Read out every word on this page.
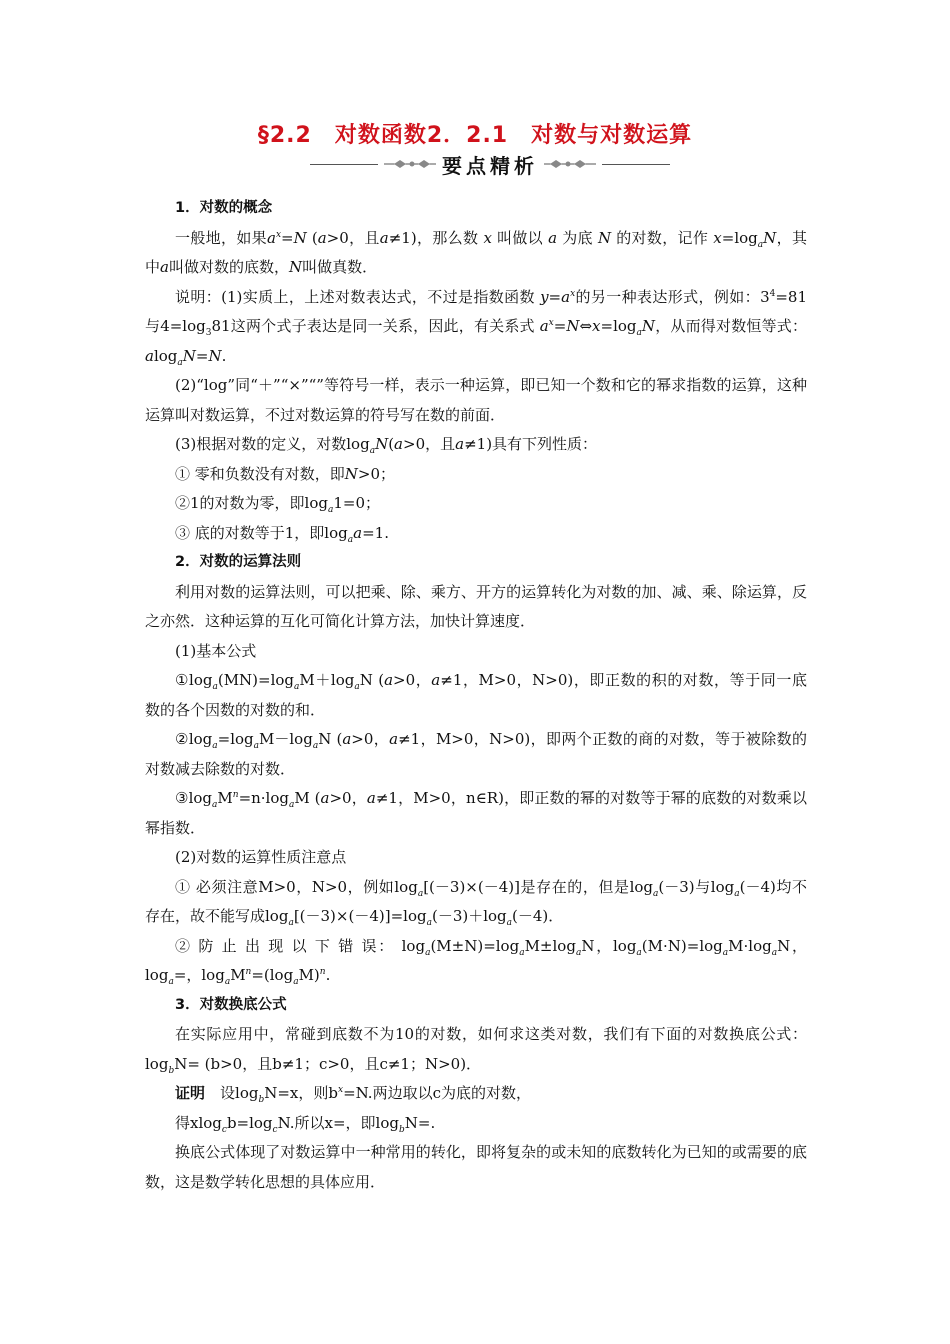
§2.2　对数函数2．2.1　对数与对数运算
要点精析

1．对数的概念

一般地，如果$a^x=N$ (a>0，且a≠1)，那么数 x 叫做以 a 为底 N 的对数，记作 $x=\log_aN$，其中a叫做对数的底数，N叫做真数．

说明：(1)实质上，上述对数表达式，不过是指数函数 $y=a^x$的另一种表达形式，例如：$3^4=81$与$4=\log_381$这两个式子表达是同一关系，因此，有关系式 $a^x=N\Leftrightarrow x=\log_aN$，从而得对数恒等式：alog$_a$N=N.

(2)“log”同“＋”“×”“”等符号一样，表示一种运算，即已知一个数和它的幂求指数的运算，这种运算叫对数运算，不过对数运算的符号写在数的前面．

(3)根据对数的定义，对数$\log_aN(a>0$，且a≠1)具有下列性质：

① 零和负数没有对数，即N>0；

②1的对数为零，即$\log_a1=0$；

③ 底的对数等于1，即$\log_aa=1$.

2．对数的运算法则

利用对数的运算法则，可以把乘、除、乘方、开方的运算转化为对数的加、减、乘、除运算，反之亦然．这种运算的互化可简化计算方法，加快计算速度．

(1)基本公式

$①\log_a(MN)=\log_aM+\log_aN$ (a>0，a≠1，M>0，N>0)，即正数的积的对数，等于同一底数的各个因数的对数的和．

$②\log_a=\log_aM-\log_aN$ (a>0，a≠1，M>0，N>0)，即两个正数的商的对数，等于被除数的对数减去除数的对数．

$③\log_aM^n=n\cdot\log_aM$ (a>0，a≠1，M>0，n∈R)，即正数的幂的对数等于幂的底数的对数乘以幂指数．

(2)对数的运算性质注意点

① 必须注意M>0，N>0，例如$\log_a[(-3)\times(-4)]$是存在的，但是$\log_a(-3)$与$\log_a(-4)$均不存在，故不能写成$\log_a[(-3)\times(-4)]=\log_a(-3)+\log_a(-4)$．

② 防 止 出 现 以 下 错 误： $\log_a(M\pm N)=\log_aM\pm\log_aN$，$\log_a(M\cdot N)=\log_aM\cdot\log_aN$，$\log_a=$，$\log_aM^n=(\log_aM)^n$.

3．对数换底公式

在实际应用中，常碰到底数不为10的对数，如何求这类对数，我们有下面的对数换底公式：$\log_bN= (b>0$，且b≠1；c>0，且c≠1；N>0)．

证明　 设$\log_bN=x$，则$b^x=N$.两边取以c为底的对数，

得$xlog_cb=\log_cN$.所以x=，即$\log_bN=$.

换底公式体现了对数运算中一种常用的转化，即将复杂的或未知的底数转化为已知的或需要的底数，这是数学转化思想的具体应用．
